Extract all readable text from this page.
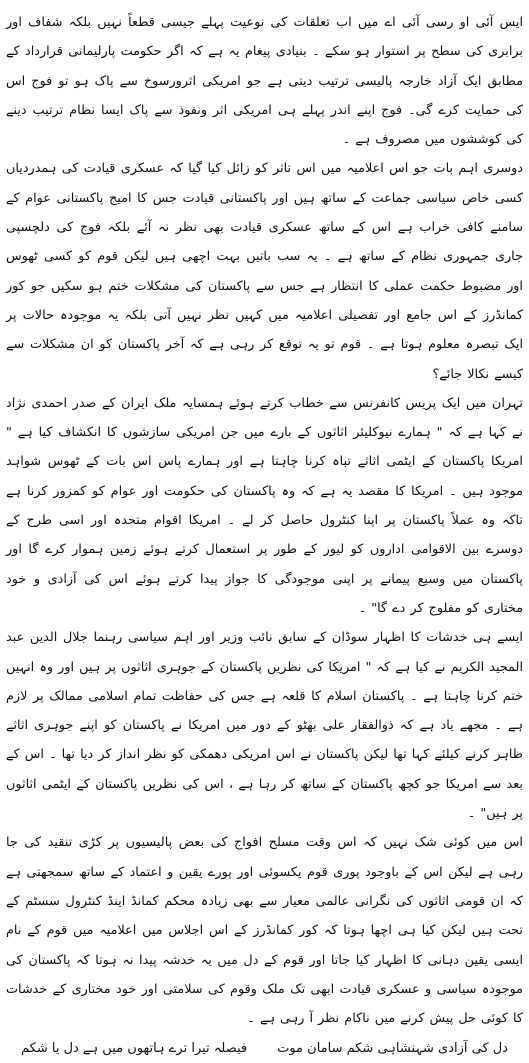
ایس آئی او رسی آئی اے میں اب تعلقات کی نوعیت پہلے جیسی قطعاً نہیں بلکہ شفاف اور برابری کی سطح پر استوار ہو سکے ۔ بنیادی پیغام یہ ہے کہ اگر حکومت پارلیمانی قرارداد کے مطابق ایک آزاد خارجہ پالیسی ترتیب دیتی ہے جو امریکی اثرورسوخ سے پاک ہو تو فوج اس کی حمایت کرے گی۔ فوج اپنے اندر پہلے ہی امریکی اثر ونفوذ سے پاک ایسا نظام ترتیب دینے کی کوششوں میں مصروف ہے ۔

دوسری اہم بات جو اس اعلامیہ میں اس تاثر کو زائل کیا گیا کہ عسکری قیادت کی ہمدردیاں کسی خاص سیاسی جماعت کے ساتھ ہیں اور پاکستانی قیادت جس کا امیج پاکستانی عوام کے سامنے کافی خراب ہے اس کے ساتھ عسکری قیادت بھی نظر نہ آئے بلکہ فوج کی دلچسپی جاری جمہوری نظام کے ساتھ ہے ۔ یہ سب باتیں بہت اچھی ہیں لیکن قوم کو کسی ٹھوس اور مضبوط حکمت عملی کا انتظار ہے جس سے پاکستان کی مشکلات ختم ہو سکیں جو کور کمانڈرز کے اس جامع اور تفصیلی اعلامیہ میں کہیں نظر نہیں آتی بلکہ یہ موجودہ حالات پر ایک تبصرہ معلوم ہوتا ہے ۔ قوم تو یہ توقع کر رہی ہے کہ آخر پاکستان کو ان مشکلات سے کیسے نکالا جائے؟

تہران میں ایک پریس کانفرنس سے خطاب کرتے ہوئے ہمسایہ ملک ایران کے صدر احمدی نژاد نے کہا ہے کہ " ہمارے نیوکلیئر اثاثوں کے بارے میں جن امریکی سازشوں کا انکشاف کیا ہے " امریکا پاکستان کے ایٹمی اثاثے تباہ کرنا چاہتا ہے اور ہمارے پاس اس بات کے ٹھوس شواہد موجود ہیں ۔ امریکا کا مقصد یہ ہے کہ وہ پاکستان کی حکومت اور عوام کو کمزور کرنا ہے تاکہ وہ عملاً پاکستان پر اپنا کنٹرول حاصل کر لے ۔ امریکا اقوام متحدہ اور اسی طرح کے دوسرے بین الاقوامی اداروں کو لیور کے طور پر استعمال کرتے ہوئے زمین ہموار کرے گا اور پاکستان میں وسیع پیمانے پر اپنی موجودگی کا جواز پیدا کرتے ہوئے اس کی آزادی و خود مختاری کو مفلوج کر دے گا" ۔

ایسے ہی خدشات کا اظہار سوڈان کے سابق نائب وزیر اور اہم سیاسی رہنما جلال الدین عبد المجید الکریم نے کیا ہے کہ " امریکا کی نظریں پاکستان کے جوہری اثاثوں پر ہیں اور وہ انہیں ختم کرنا چاہتا ہے ۔ پاکستان اسلام کا قلعہ ہے جس کی حفاظت تمام اسلامی ممالک پر لازم ہے ۔ مجھے یاد ہے کہ ذوالفقار علی بھٹو کے دور میں امریکا نے پاکستان کو اپنے جوہری اثاثے ظاہر کرنے کیلئے کہا تھا لیکن پاکستان نے اس امریکی دھمکی کو نظر انداز کر دیا تھا ۔ اس کے بعد سے امریکا جو کچھ پاکستان کے ساتھ کر رہا ہے ، اس کی نظریں پاکستان کے ایٹمی اثاثوں پر ہیں" ۔

اس میں کوئی شک نہیں کہ اس وقت مسلح افواج کی بعض پالیسیوں پر کڑی تنقید کی جا رہی ہے لیکن اس کے باوجود پوری قوم یکسوئی اور پورے یقین و اعتماد کے ساتھ سمجھتی ہے کہ ان قومی اثاثوں کی نگرانی عالمی معیار سے بھی زیادہ محکم کمانڈ اینڈ کنٹرول سسٹم کے تحت ہیں لیکن کیا ہی اچھا ہوتا کہ کور کمانڈرز کے اس اجلاس میں اعلامیہ میں قوم کے نام ایسی یقین دہانی کا اظہار کیا جاتا اور قوم کے دل میں یہ خدشہ پیدا نہ ہوتا کہ پاکستان کی موجودہ سیاسی و عسکری قیادت ابھی تک ملک وقوم کی سلامتی اور خود مختاری کے خدشات کا کوئی حل پیش کرنے میں ناکام نظر آ رہی ہے ۔

دل کی آزادی شہنشاہی شکم سامان موت
فیصلہ تیرا ترے ہاتھوں میں ہے دل یا شکم
